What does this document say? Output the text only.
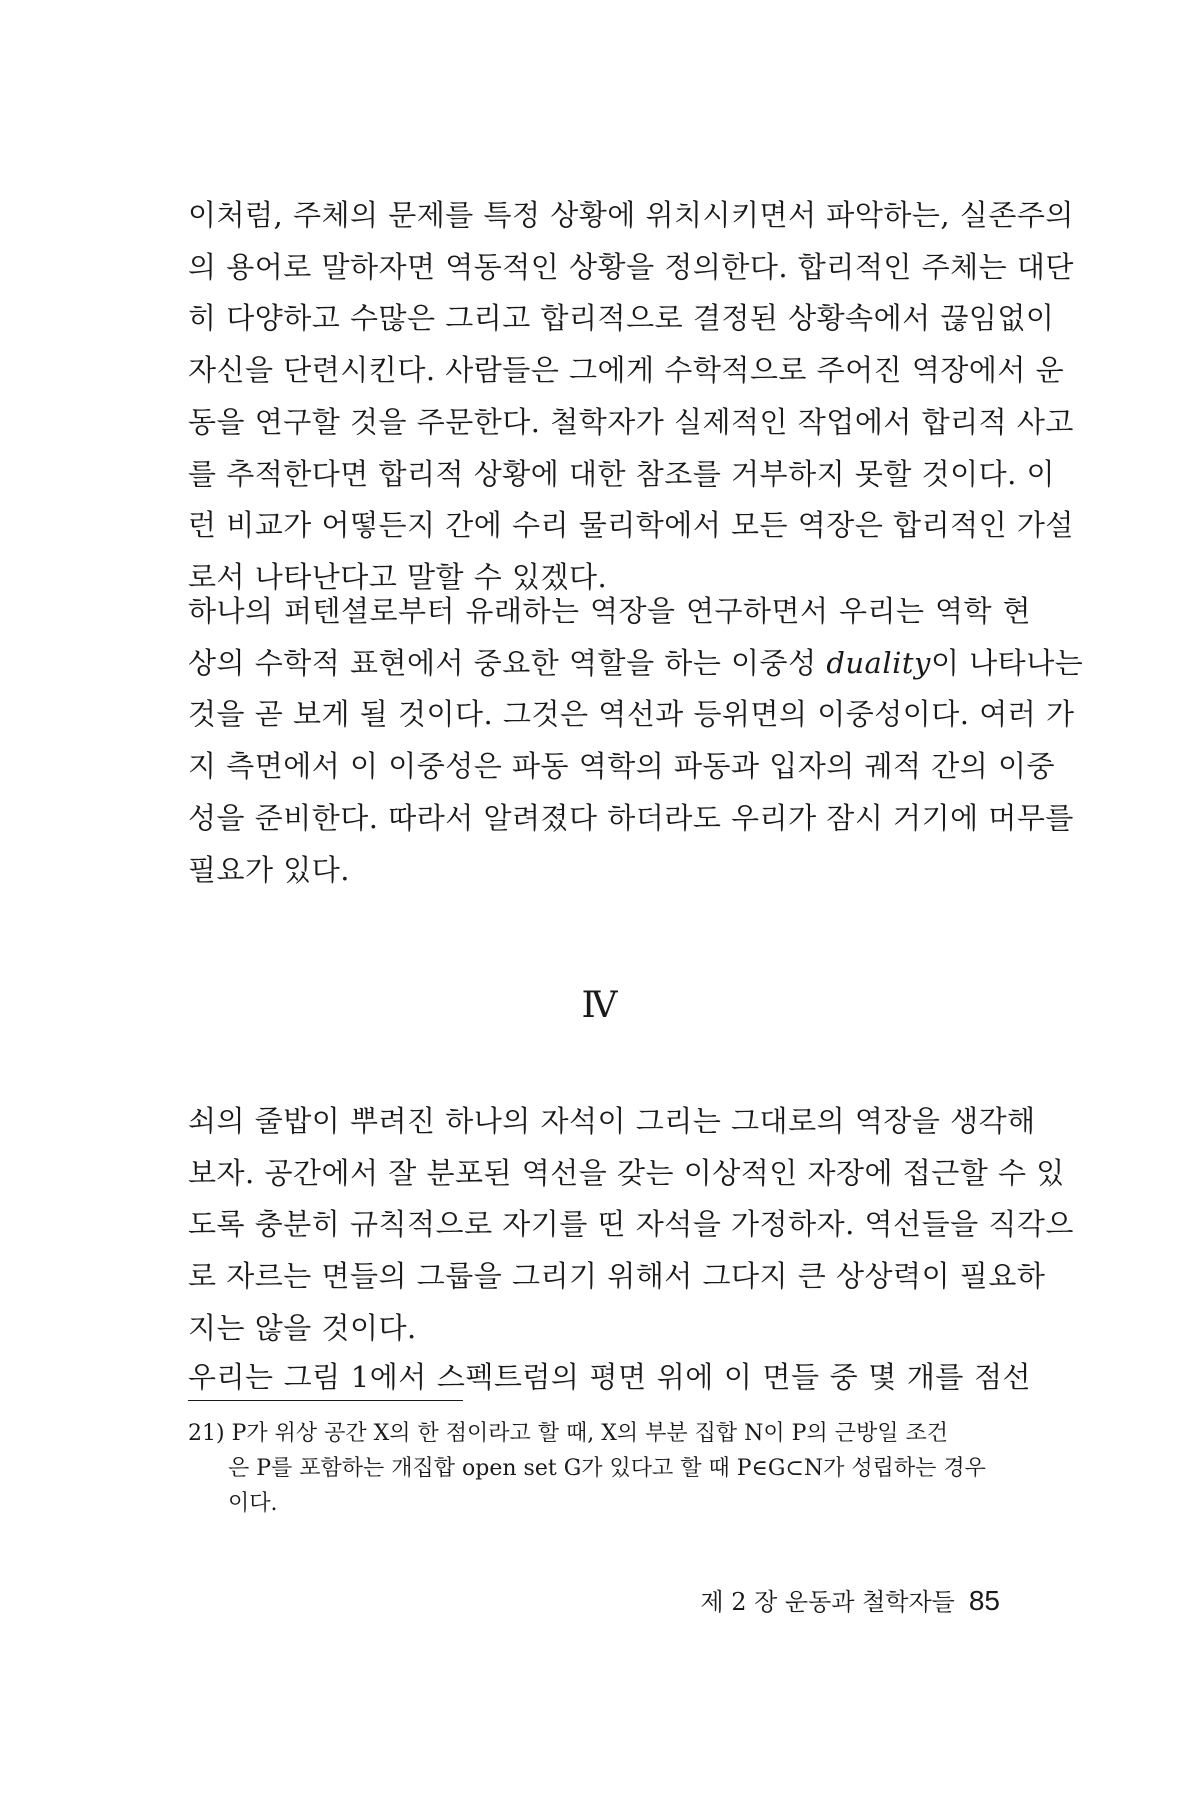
이처럼, 주체의 문제를 특정 상황에 위치시키면서 파악하는, 실존주의
의 용어로 말하자면 역동적인 상황을 정의한다. 합리적인 주체는 대단
히 다양하고 수많은 그리고 합리적으로 결정된 상황속에서 끊임없이
자신을 단련시킨다. 사람들은 그에게 수학적으로 주어진 역장에서 운
동을 연구할 것을 주문한다. 철학자가 실제적인 작업에서 합리적 사고
를 추적한다면 합리적 상황에 대한 참조를 거부하지 못할 것이다. 이
런 비교가 어떻든지 간에 수리 물리학에서 모든 역장은 합리적인 가설
로서 나타난다고 말할 수 있겠다.

하나의 퍼텐셜로부터 유래하는 역장을 연구하면서 우리는 역학 현
상의 수학적 표현에서 중요한 역할을 하는 이중성 duality이 나타나는
것을 곧 보게 될 것이다. 그것은 역선과 등위면의 이중성이다. 여러 가
지 측면에서 이 이중성은 파동 역학의 파동과 입자의 궤적 간의 이중
성을 준비한다. 따라서 알려졌다 하더라도 우리가 잠시 거기에 머무를
필요가 있다.

Ⅳ

쇠의 줄밥이 뿌려진 하나의 자석이 그리는 그대로의 역장을 생각해
보자. 공간에서 잘 분포된 역선을 갖는 이상적인 자장에 접근할 수 있
도록 충분히 규칙적으로 자기를 띤 자석을 가정하자. 역선들을 직각으
로 자르는 면들의 그룹을 그리기 위해서 그다지 큰 상상력이 필요하
지는 않을 것이다.

우리는 그림 1에서 스펙트럼의 평면 위에 이 면들 중 몇 개를 점선

21) P가 위상 공간 X의 한 점이라고 할 때, X의 부분 집합 N이 P의 근방일 조건
은 P를 포함하는 개집합 open set G가 있다고 할 때 P∈G⊂N가 성립하는 경우
이다.
제 2 장 운동과 철학자들 85
